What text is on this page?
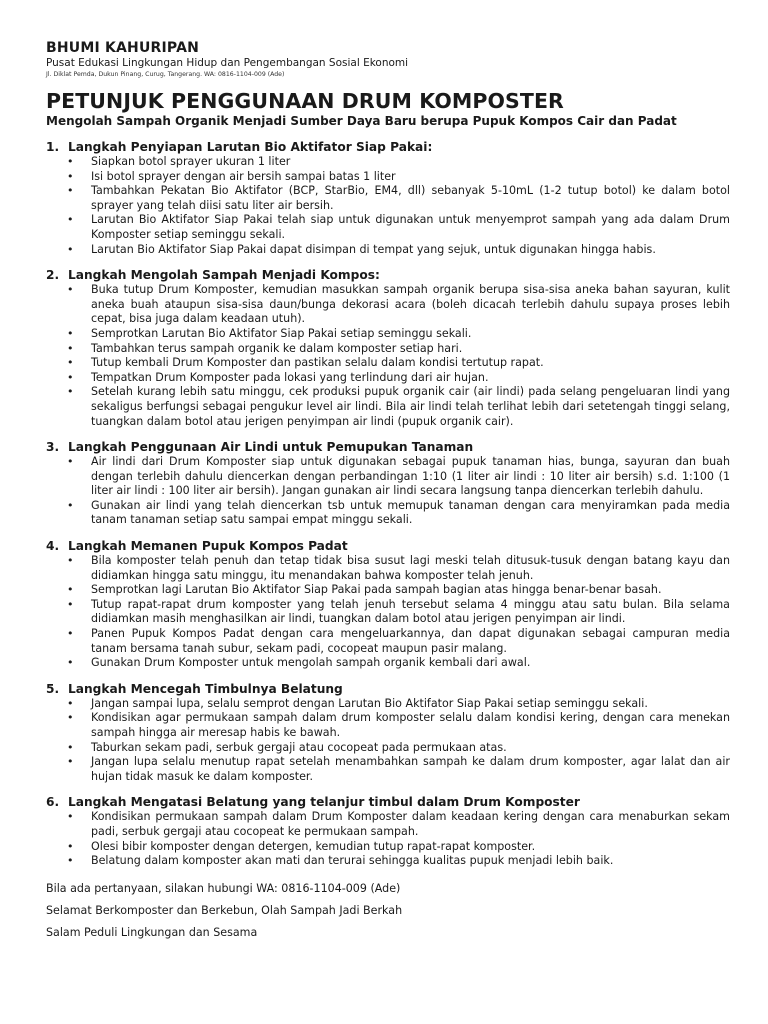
BHUMI KAHURIPAN

Pusat Edukasi Lingkungan Hidup dan Pengembangan Sosial Ekonomi

Jl. Diklat Pemda, Dukun Pinang, Curug, Tangerang. WA: 0816-1104-009 (Ade)

PETUNJUK PENGGUNAAN DRUM KOMPOSTER

Mengolah Sampah Organik Menjadi Sumber Daya Baru berupa Pupuk Kompos Cair dan Padat

1. Langkah Penyiapan Larutan Bio Aktifator Siap Pakai:
• Siapkan botol sprayer ukuran 1 liter
• Isi botol sprayer dengan air bersih sampai batas 1 liter
• Tambahkan Pekatan Bio Aktifator (BCP, StarBio, EM4, dll) sebanyak 5-10mL (1-2 tutup botol) ke dalam botol sprayer yang telah diisi satu liter air bersih.
• Larutan Bio Aktifator Siap Pakai telah siap untuk digunakan untuk menyemprot sampah yang ada dalam Drum Komposter setiap seminggu sekali.
• Larutan Bio Aktifator Siap Pakai dapat disimpan di tempat yang sejuk, untuk digunakan hingga habis.
2. Langkah Mengolah Sampah Menjadi Kompos:
• Buka tutup Drum Komposter, kemudian masukkan sampah organik berupa sisa-sisa aneka bahan sayuran, kulit aneka buah ataupun sisa-sisa daun/bunga dekorasi acara (boleh dicacah terlebih dahulu supaya proses lebih cepat, bisa juga dalam keadaan utuh).
• Semprotkan Larutan Bio Aktifator Siap Pakai setiap seminggu sekali.
• Tambahkan terus sampah organik ke dalam komposter setiap hari.
• Tutup kembali Drum Komposter dan pastikan selalu dalam kondisi tertutup rapat.
• Tempatkan Drum Komposter pada lokasi yang terlindung dari air hujan.
• Setelah kurang lebih satu minggu, cek produksi pupuk organik cair (air lindi) pada selang pengeluaran lindi yang sekaligus berfungsi sebagai pengukur level air lindi. Bila air lindi telah terlihat lebih dari setetengah tinggi selang, tuangkan dalam botol atau jerigen penyimpan air lindi (pupuk organik cair).
3. Langkah Penggunaan Air Lindi untuk Pemupukan Tanaman
• Air lindi dari Drum Komposter siap untuk digunakan sebagai pupuk tanaman hias, bunga, sayuran dan buah dengan terlebih dahulu diencerkan dengan perbandingan 1:10 (1 liter air lindi : 10 liter air bersih) s.d. 1:100 (1 liter air lindi : 100 liter air bersih). Jangan gunakan air lindi secara langsung tanpa diencerkan terlebih dahulu.
• Gunakan air lindi yang telah diencerkan tsb untuk memupuk tanaman dengan cara menyiramkan pada media tanam tanaman setiap satu sampai empat minggu sekali.
4. Langkah Memanen Pupuk Kompos Padat
• Bila komposter telah penuh dan tetap tidak bisa susut lagi meski telah ditusuk-tusuk dengan batang kayu dan didiamkan hingga satu minggu, itu menandakan bahwa komposter telah jenuh.
• Semprotkan lagi Larutan Bio Aktifator Siap Pakai pada sampah bagian atas hingga benar-benar basah.
• Tutup rapat-rapat drum komposter yang telah jenuh tersebut selama 4 minggu atau satu bulan. Bila selama didiamkan masih menghasilkan air lindi, tuangkan dalam botol atau jerigen penyimpan air lindi.
• Panen Pupuk Kompos Padat dengan cara mengeluarkannya, dan dapat digunakan sebagai campuran media tanam bersama tanah subur, sekam padi, cocopeat maupun pasir malang.
• Gunakan Drum Komposter untuk mengolah sampah organik kembali dari awal.
5. Langkah Mencegah Timbulnya Belatung
• Jangan sampai lupa, selalu semprot dengan Larutan Bio Aktifator Siap Pakai setiap seminggu sekali.
• Kondisikan agar permukaan sampah dalam drum komposter selalu dalam kondisi kering, dengan cara menekan sampah hingga air meresap habis ke bawah.
• Taburkan sekam padi, serbuk gergaji atau cocopeat pada permukaan atas.
• Jangan lupa selalu menutup rapat setelah menambahkan sampah ke dalam drum komposter, agar lalat dan air hujan tidak masuk ke dalam komposter.
6. Langkah Mengatasi Belatung yang telanjur timbul dalam Drum Komposter
• Kondisikan permukaan sampah dalam Drum Komposter dalam keadaan kering dengan cara menaburkan sekam padi, serbuk gergaji atau cocopeat ke permukaan sampah.
• Olesi bibir komposter dengan detergen, kemudian tutup rapat-rapat komposter.
• Belatung dalam komposter akan mati dan terurai sehingga kualitas pupuk menjadi lebih baik.

Bila ada pertanyaan, silakan hubungi WA: 0816-1104-009 (Ade)

Selamat Berkomposter dan Berkebun, Olah Sampah Jadi Berkah

Salam Peduli Lingkungan dan Sesama
